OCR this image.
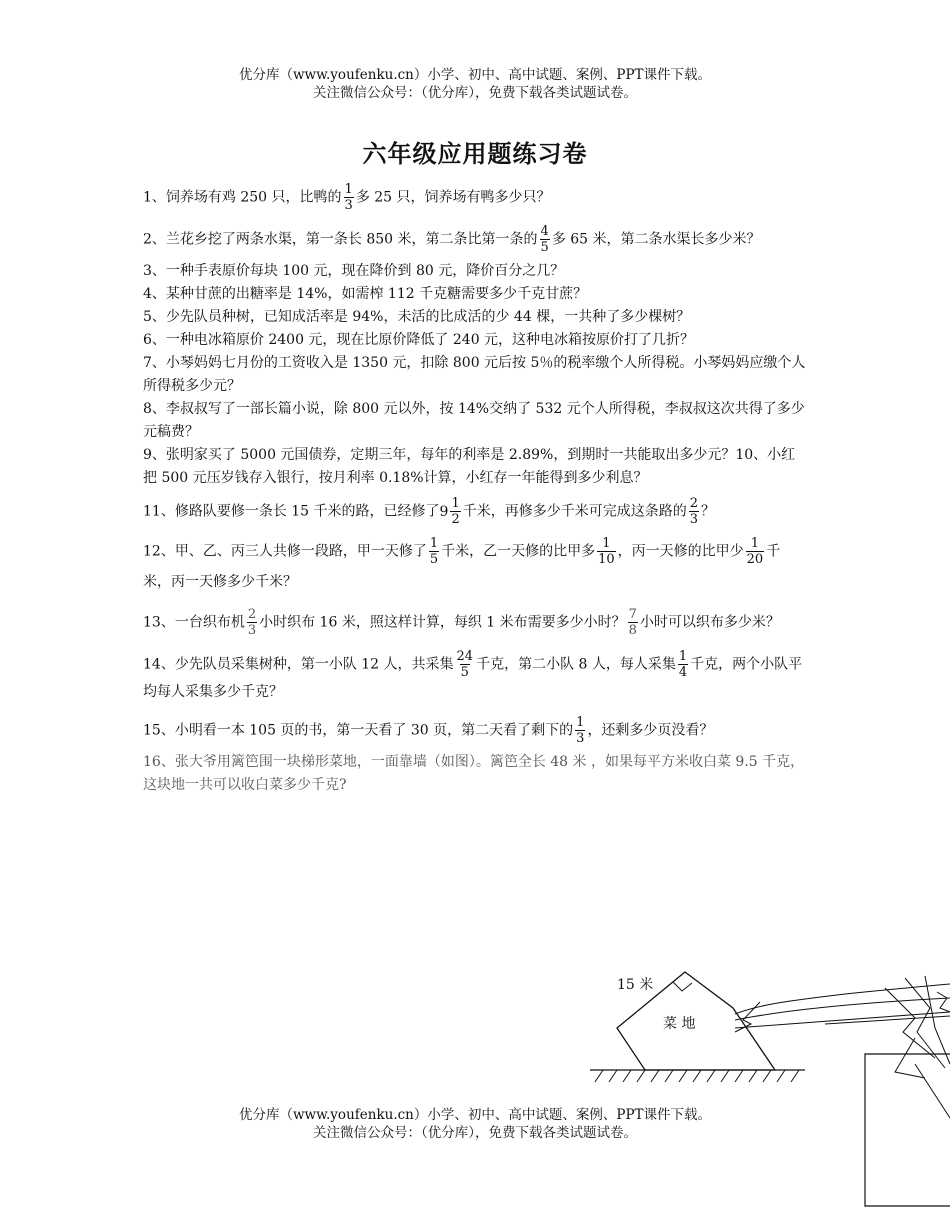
优分库（www.youfenku.cn）小学、初中、高中试题、案例、PPT课件下载。
关注微信公众号：（优分库），免费下载各类试题试卷。
六年级应用题练习卷

1、饲养场有鸡 250 只，比鸭的 $\frac{1}{3}$ 多 25 只，饲养场有鸭多少只？

2、兰花乡挖了两条水渠，第一条长 850 米，第二条比第一条的 $\frac{4}{5}$ 多 65 米，第二条水渠长多少米？

3、一种手表原价每块 100 元，现在降价到 80 元，降价百分之几？

4、某种甘蔗的出糖率是 14%，如需榨 112 千克糖需要多少千克甘蔗？

5、少先队员种树，已知成活率是 94%，未活的比成活的少 44 棵，一共种了多少棵树？

6、一种电冰箱原价 2400 元，现在比原价降低了 240 元，这种电冰箱按原价打了几折？

7、小琴妈妈七月份的工资收入是 1350 元，扣除 800 元后按 5％的税率缴个人所得税。小琴妈妈应缴个人所得税多少元？

8、李叔叔写了一部长篇小说，除 800 元以外，按 14%交纳了 532 元个人所得税，李叔叔这次共得了多少元稿费？

9、张明家买了 5000 元国债券，定期三年，每年的利率是 2.89%，到期时一共能取出多少元？10、小红把 500 元压岁钱存入银行，按月利率 0.18%计算，小红存一年能得到多少利息？

11、修路队要修一条长 15 千米的路，已经修了 $9 \frac{1}{2}$ 千米，再修多少千米可完成这条路的 $\frac{2}{3}$ ？

12、甲、乙、丙三人共修一段路，甲一天修了 $\frac{1}{5}$ 千米，乙一天修的比甲多 $\frac{1}{10}$ ，丙一天修的比甲少 $\frac{1}{20}$ 千米，丙一天修多少千米？

13、一台织布机 $\frac{2}{3}$ 小时织布 16 米，照这样计算，每织 1 米布需要多少小时？ $\frac{7}{8}$ 小时可以织布多少米？

14、少先队员采集树种，第一小队 12 人，共采集 $\frac{24}{5}$ 千克，第二小队 8 人，每人采集 $\frac{1}{4}$ 千克，两个小队平均每人采集多少千克？

15、小明看一本 105 页的书，第一天看了 30 页，第二天看了剩下的 $\frac{1}{3}$ ，还剩多少页没看？

16、张大爷用篱笆围一块梯形菜地，一面靠墙（如图）。篱笆全长 48 米 ，如果每平方米收白菜 9.5 千克，这块地一共可以收白菜多少千克?

15 米
菜 地
优分库（www.youfenku.cn）小学、初中、高中试题、案例、PPT课件下载。
关注微信公众号：（优分库），免费下载各类试题试卷。
